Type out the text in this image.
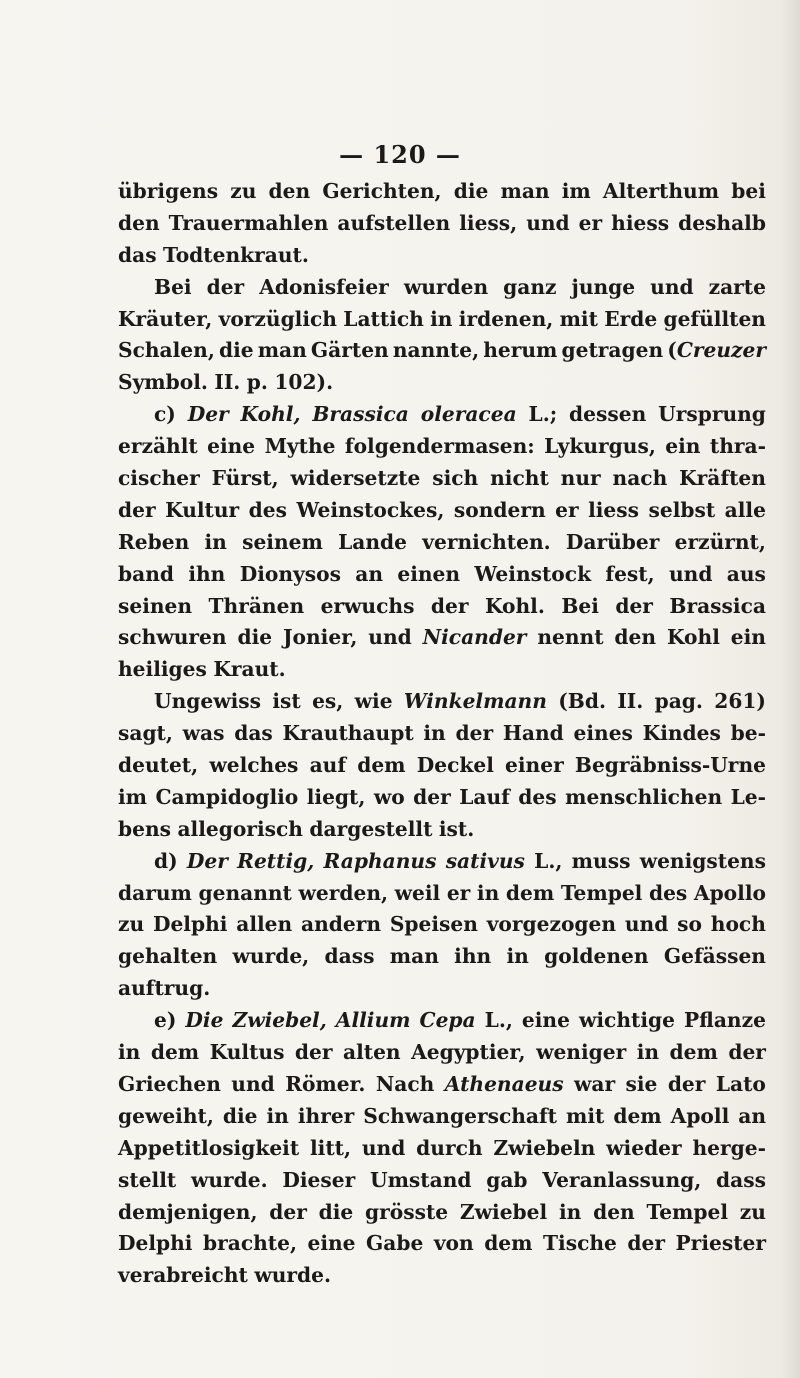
— 120 —
übrigens zu den Gerichten, die man im Alterthum bei
den Trauermahlen aufstellen liess, und er hiess deshalb
das Todtenkraut.
Bei der Adonisfeier wurden ganz junge und zarte
Kräuter, vorzüglich Lattich in irdenen, mit Erde gefüllten
Schalen, die man Gärten nannte, herum getragen (Creuzer
Symbol. II. p. 102).
c) Der Kohl, Brassica oleracea L.; dessen Ursprung
erzählt eine Mythe folgendermasen: Lykurgus, ein thra-
cischer Fürst, widersetzte sich nicht nur nach Kräften
der Kultur des Weinstockes, sondern er liess selbst alle
Reben in seinem Lande vernichten. Darüber erzürnt,
band ihn Dionysos an einen Weinstock fest, und aus
seinen Thränen erwuchs der Kohl. Bei der Brassica
schwuren die Jonier, und Nicander nennt den Kohl ein
heiliges Kraut.
Ungewiss ist es, wie Winkelmann (Bd. II. pag. 261)
sagt, was das Krauthaupt in der Hand eines Kindes be-
deutet, welches auf dem Deckel einer Begräbniss-Urne
im Campidoglio liegt, wo der Lauf des menschlichen Le-
bens allegorisch dargestellt ist.
d) Der Rettig, Raphanus sativus L., muss wenigstens
darum genannt werden, weil er in dem Tempel des Apollo
zu Delphi allen andern Speisen vorgezogen und so hoch
gehalten wurde, dass man ihn in goldenen Gefässen
auftrug.
e) Die Zwiebel, Allium Cepa L., eine wichtige Pflanze
in dem Kultus der alten Aegyptier, weniger in dem der
Griechen und Römer. Nach Athenaeus war sie der Lato
geweiht, die in ihrer Schwangerschaft mit dem Apoll an
Appetitlosigkeit litt, und durch Zwiebeln wieder herge-
stellt wurde. Dieser Umstand gab Veranlassung, dass
demjenigen, der die grösste Zwiebel in den Tempel zu
Delphi brachte, eine Gabe von dem Tische der Priester
verabreicht wurde.
